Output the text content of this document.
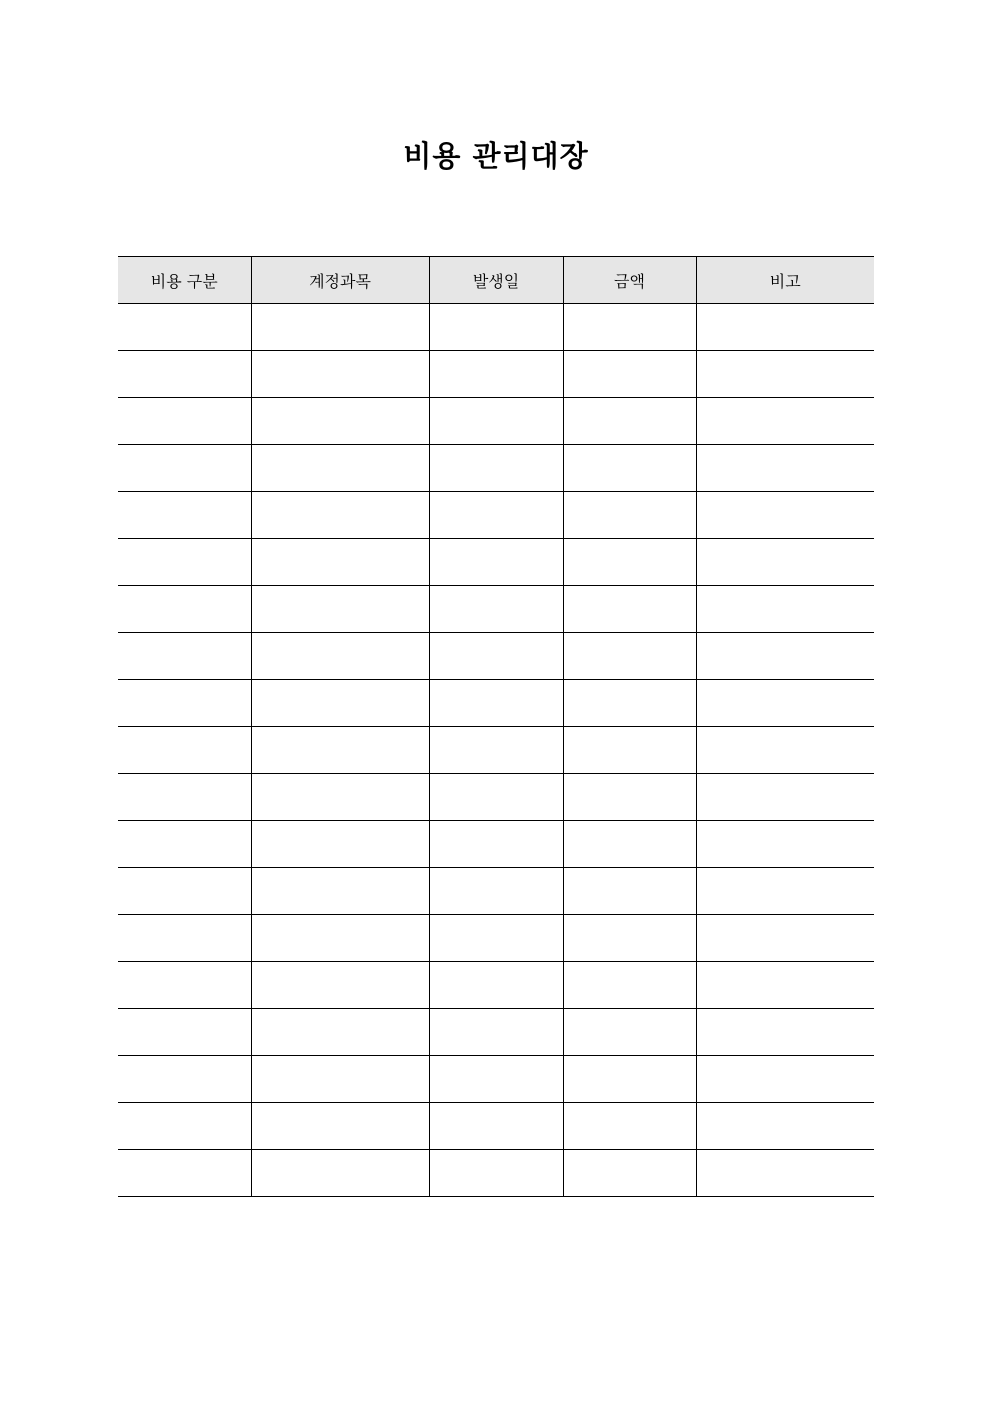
비용 관리대장
비용 구분	계정과목	발생일	금액	비고
